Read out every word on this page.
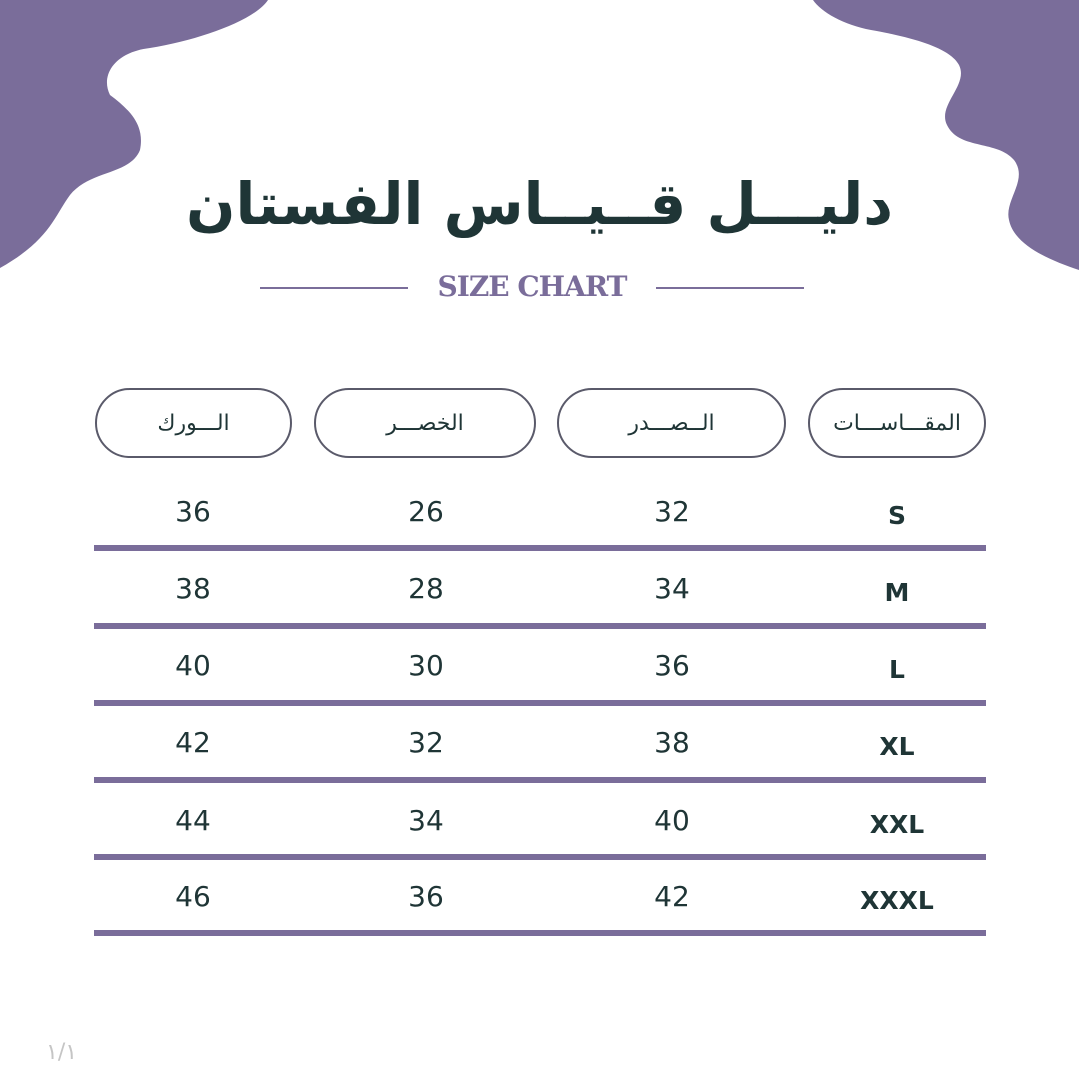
دليـــل قــيــاس الفستان
SIZE CHART
المقـــاســـات
الــصـــدر
الخصـــر
الـــورك
S
32
26
36
M
34
28
38
L
36
30
40
XL
38
32
42
XXL
40
34
44
XXXL
42
36
46
١/١
